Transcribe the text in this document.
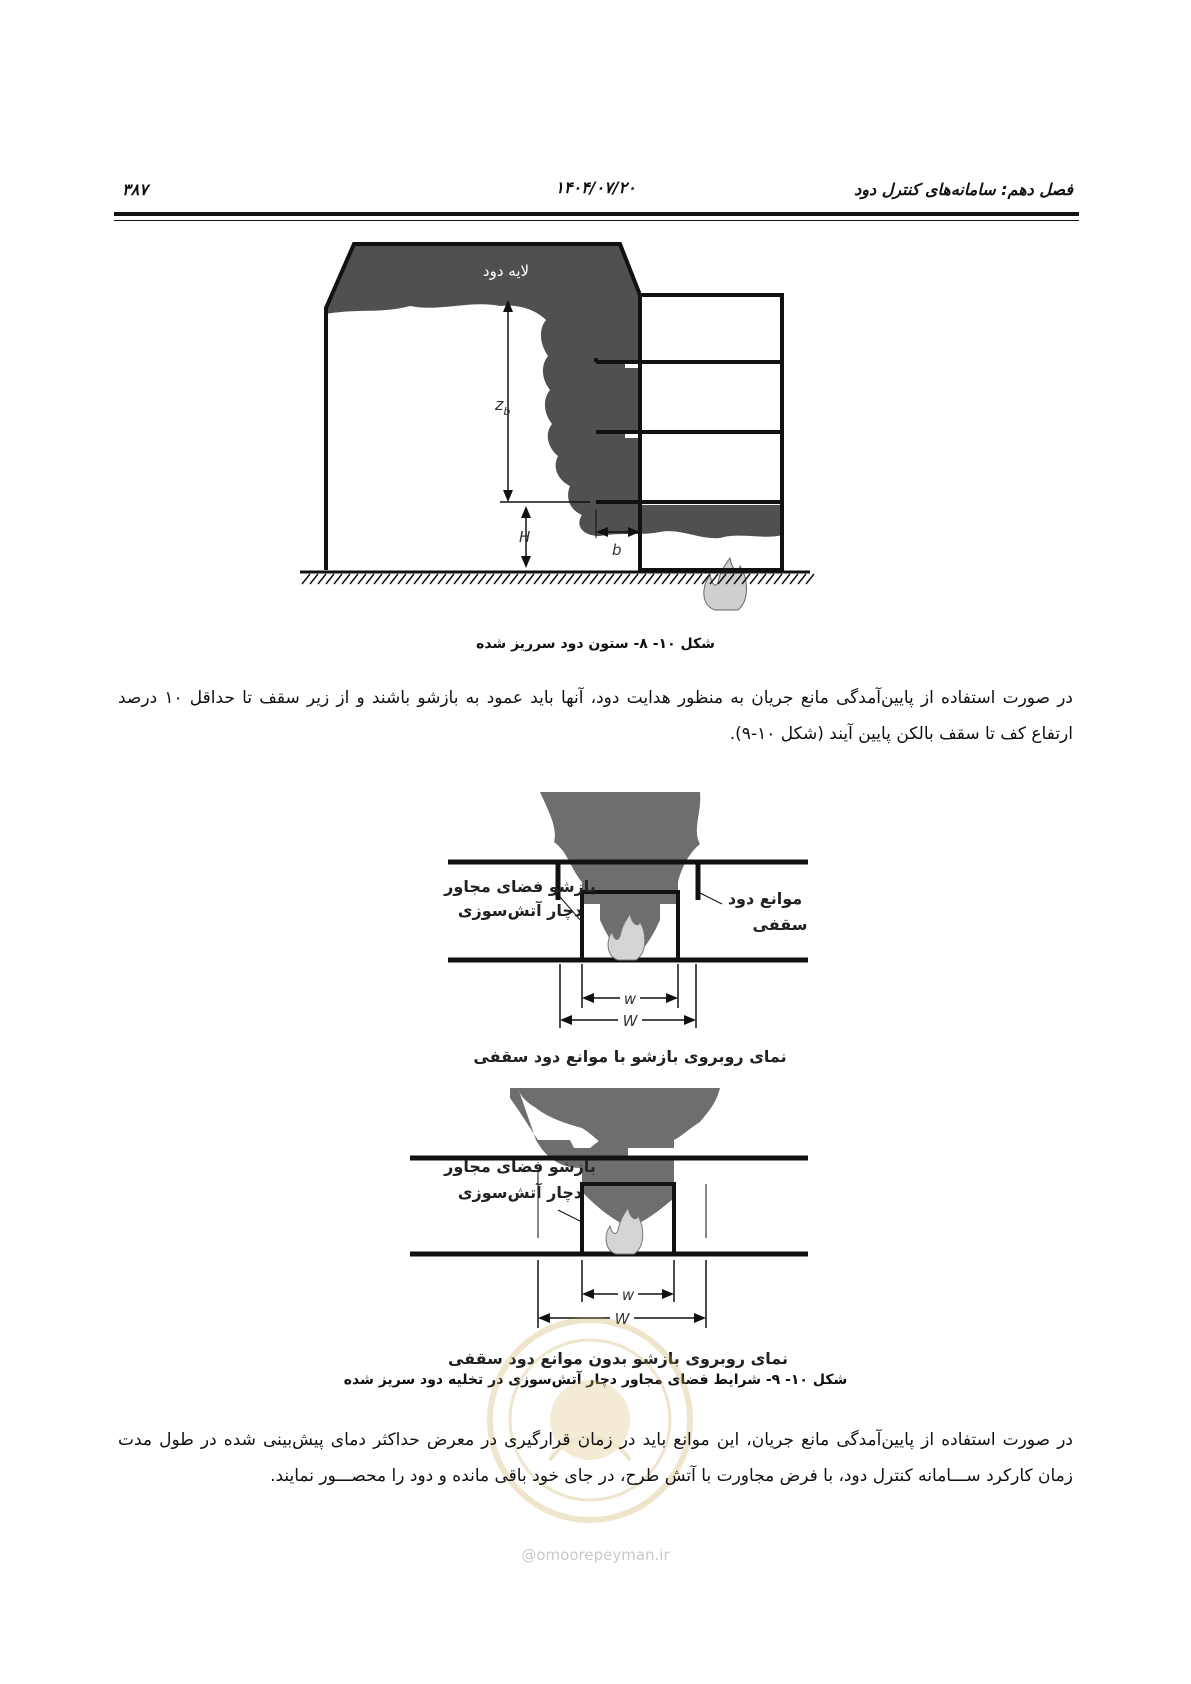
فصل دهم: سامانه‌های کنترل دود
۱۴۰۴/۰۷/۲۰
۳۸۷
$z_b$
H
b
لایه دود
شکل ۱۰- ۸- ستون دود سرریز شده
در صورت استفاده از پایین‌آمدگی مانع جریان به منظور هدایت دود، آنها باید عمود به بازشو باشند و از زیر سقف تا حداقل ۱۰ درصد ارتفاع کف تا سقف بالکن پایین آیند (شکل ۱۰-۹).
w
W
بازشو فضای مجاور
دچار آتش‌سوزی
موانع دود
سقفی
نمای روبروی بازشو با موانع دود سقفی
w
W
بازشو فضای مجاور
دچار آتش‌سوزی
نمای روبروی بازشو بدون موانع دود سقفی
شکل ۱۰- ۹- شرایط فضای مجاور دچار آتش‌سوزی در تخلیه دود سریز شده
در صورت استفاده از پایین‌آمدگی مانع جریان، این موانع باید در زمان قرارگیری در معرض حداکثر دمای پیش‌بینی شده در طول مدت زمان کارکرد ســـامانه کنترل دود، با فرض مجاورت با آتش طرح، در جای خود باقی مانده و دود را محصـــور نمایند.
@omoorepeyman.ir
